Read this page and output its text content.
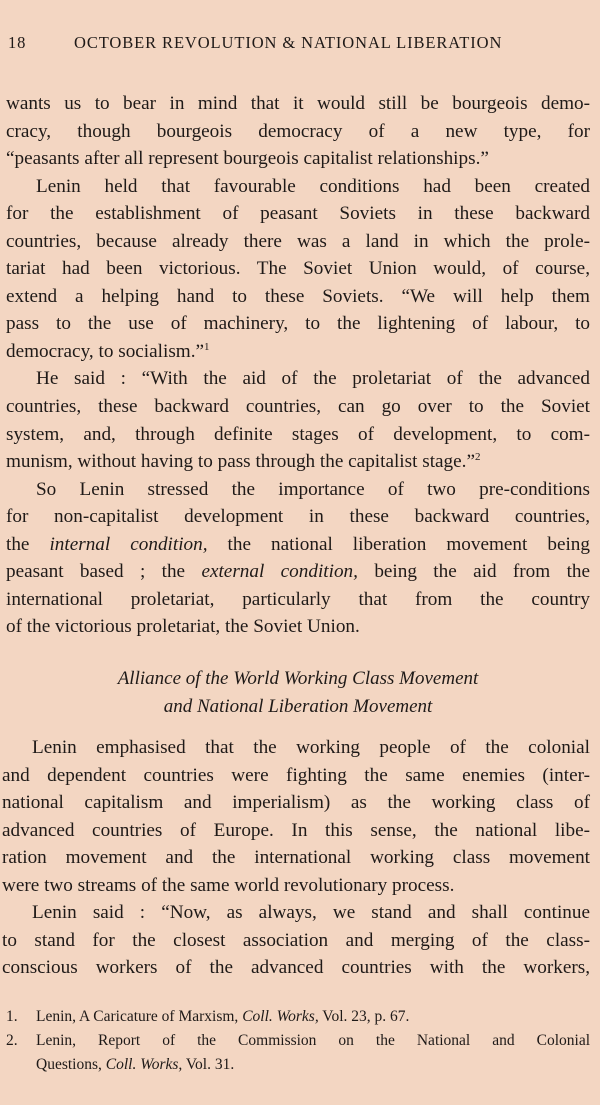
18	OCTOBER REVOLUTION & NATIONAL LIBERATION
wants us to bear in mind that it would still be bourgeois demo-
cracy, though bourgeois democracy of a new type, for
“peasants after all represent bourgeois capitalist relationships.”
Lenin held that favourable conditions had been created
for the establishment of peasant Soviets in these backward
countries, because already there was a land in which the prole-
tariat had been victorious. The Soviet Union would, of course,
extend a helping hand to these Soviets. “We will help them
pass to the use of machinery, to the lightening of labour, to
democracy, to socialism.”$^1$
He said : “With the aid of the proletariat of the advanced
countries, these backward countries, can go over to the Soviet
system, and, through definite stages of development, to com-
munism, without having to pass through the capitalist stage.”$^2$
So Lenin stressed the importance of two pre-conditions
for non-capitalist development in these backward countries,
the internal condition, the national liberation movement being
peasant based ; the external condition, being the aid from the
international proletariat, particularly that from the country
of the victorious proletariat, the Soviet Union.
Alliance of the World Working Class Movement
and National Liberation Movement
Lenin emphasised that the working people of the colonial
and dependent countries were fighting the same enemies (inter-
national capitalism and imperialism) as the working class of
advanced countries of Europe. In this sense, the national libe-
ration movement and the international working class movement
were two streams of the same world revolutionary process.
Lenin said : “Now, as always, we stand and shall continue
to stand for the closest association and merging of the class-
conscious workers of the advanced countries with the workers,
1. Lenin, A Caricature of Marxism, Coll. Works, Vol. 23, p. 67.
2. Lenin, Report of the Commission on the National and Colonial
Questions, Coll. Works, Vol. 31.
